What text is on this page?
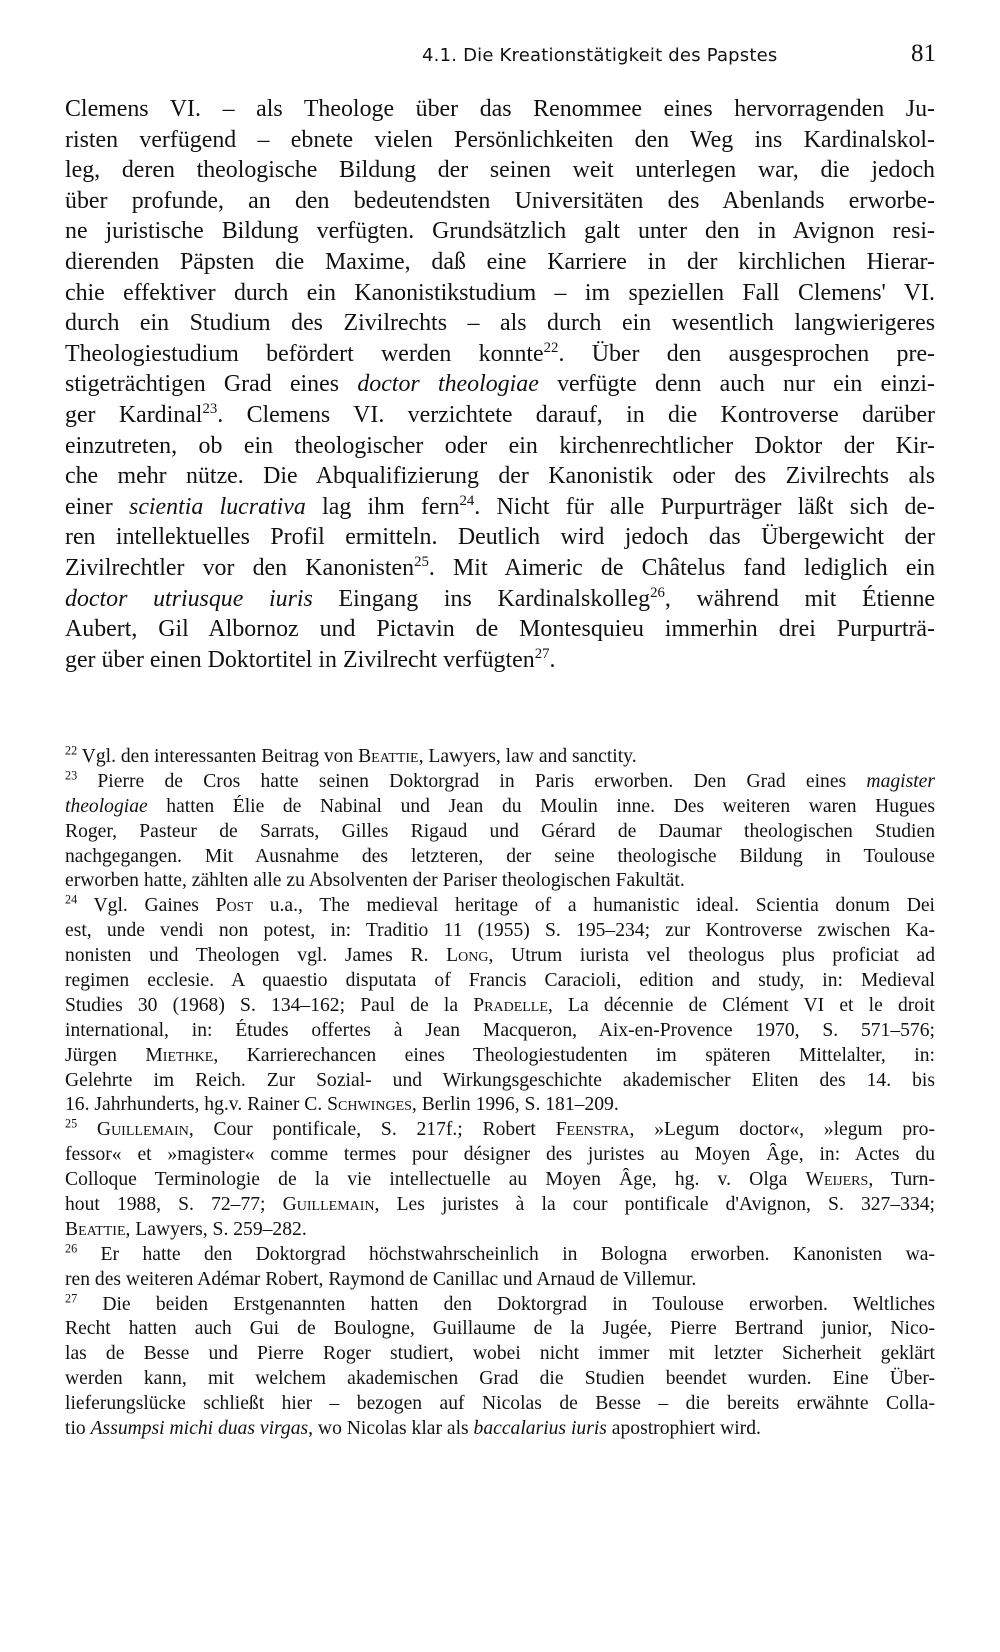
4.1. Die Kreationstätigkeit des Papstes	81
Clemens VI. – als Theologe über das Renommee eines hervorragenden Ju-
risten verfügend – ebnete vielen Persönlichkeiten den Weg ins Kardinalskol-
leg, deren theologische Bildung der seinen weit unterlegen war, die jedoch
über profunde, an den bedeutendsten Universitäten des Abenlands erworbe-
ne juristische Bildung verfügten. Grundsätzlich galt unter den in Avignon resi-
dierenden Päpsten die Maxime, daß eine Karriere in der kirchlichen Hierar-
chie effektiver durch ein Kanonistikstudium – im speziellen Fall Clemens' VI.
durch ein Studium des Zivilrechts – als durch ein wesentlich langwierigeres
Theologiestudium befördert werden konnte$^{22}$. Über den ausgesprochen pre-
stigeträchtigen Grad eines doctor theologiae verfügte denn auch nur ein einzi-
ger Kardinal$^{23}$. Clemens VI. verzichtete darauf, in die Kontroverse darüber
einzutreten, ob ein theologischer oder ein kirchenrechtlicher Doktor der Kir-
che mehr nütze. Die Abqualifizierung der Kanonistik oder des Zivilrechts als
einer scientia lucrativa lag ihm fern$^{24}$. Nicht für alle Purpurträger läßt sich de-
ren intellektuelles Profil ermitteln. Deutlich wird jedoch das Übergewicht der
Zivilrechtler vor den Kanonisten$^{25}$. Mit Aimeric de Châtelus fand lediglich ein
doctor utriusque iuris Eingang ins Kardinalskolleg$^{26}$, während mit Étienne
Aubert, Gil Albornoz und Pictavin de Montesquieu immerhin drei Purpurträ-
ger über einen Doktortitel in Zivilrecht verfügten$^{27}$.
$^{22}$ Vgl. den interessanten Beitrag von Beattie, Lawyers, law and sanctity.
$^{23}$ Pierre de Cros hatte seinen Doktorgrad in Paris erworben. Den Grad eines magister
theologiae hatten Élie de Nabinal und Jean du Moulin inne. Des weiteren waren Hugues
Roger, Pasteur de Sarrats, Gilles Rigaud und Gérard de Daumar theologischen Studien
nachgegangen. Mit Ausnahme des letzteren, der seine theologische Bildung in Toulouse
erworben hatte, zählten alle zu Absolventen der Pariser theologischen Fakultät.
$^{24}$ Vgl. Gaines Post u.a., The medieval heritage of a humanistic ideal. Scientia donum Dei
est, unde vendi non potest, in: Traditio 11 (1955) S. 195–234; zur Kontroverse zwischen Ka-
nonisten und Theologen vgl. James R. Long, Utrum iurista vel theologus plus proficiat ad
regimen ecclesie. A quaestio disputata of Francis Caracioli, edition and study, in: Medieval
Studies 30 (1968) S. 134–162; Paul de la Pradelle, La décennie de Clément VI et le droit
international, in: Études offertes à Jean Macqueron, Aix-en-Provence 1970, S. 571–576;
Jürgen Miethke, Karrierechancen eines Theologiestudenten im späteren Mittelalter, in:
Gelehrte im Reich. Zur Sozial- und Wirkungsgeschichte akademischer Eliten des 14. bis
16. Jahrhunderts, hg.v. Rainer C. Schwinges, Berlin 1996, S. 181–209.
$^{25}$ Guillemain, Cour pontificale, S. 217f.; Robert Feenstra, »Legum doctor«, »legum pro-
fessor« et »magister« comme termes pour désigner des juristes au Moyen Âge, in: Actes du
Colloque Terminologie de la vie intellectuelle au Moyen Âge, hg. v. Olga Weijers, Turn-
hout 1988, S. 72–77; Guillemain, Les juristes à la cour pontificale d'Avignon, S. 327–334;
Beattie, Lawyers, S. 259–282.
$^{26}$ Er hatte den Doktorgrad höchstwahrscheinlich in Bologna erworben. Kanonisten wa-
ren des weiteren Adémar Robert, Raymond de Canillac und Arnaud de Villemur.
$^{27}$ Die beiden Erstgenannten hatten den Doktorgrad in Toulouse erworben. Weltliches
Recht hatten auch Gui de Boulogne, Guillaume de la Jugée, Pierre Bertrand junior, Nico-
las de Besse und Pierre Roger studiert, wobei nicht immer mit letzter Sicherheit geklärt
werden kann, mit welchem akademischen Grad die Studien beendet wurden. Eine Über-
lieferungslücke schließt hier – bezogen auf Nicolas de Besse – die bereits erwähnte Colla-
tio Assumpsi michi duas virgas, wo Nicolas klar als baccalarius iuris apostrophiert wird.
